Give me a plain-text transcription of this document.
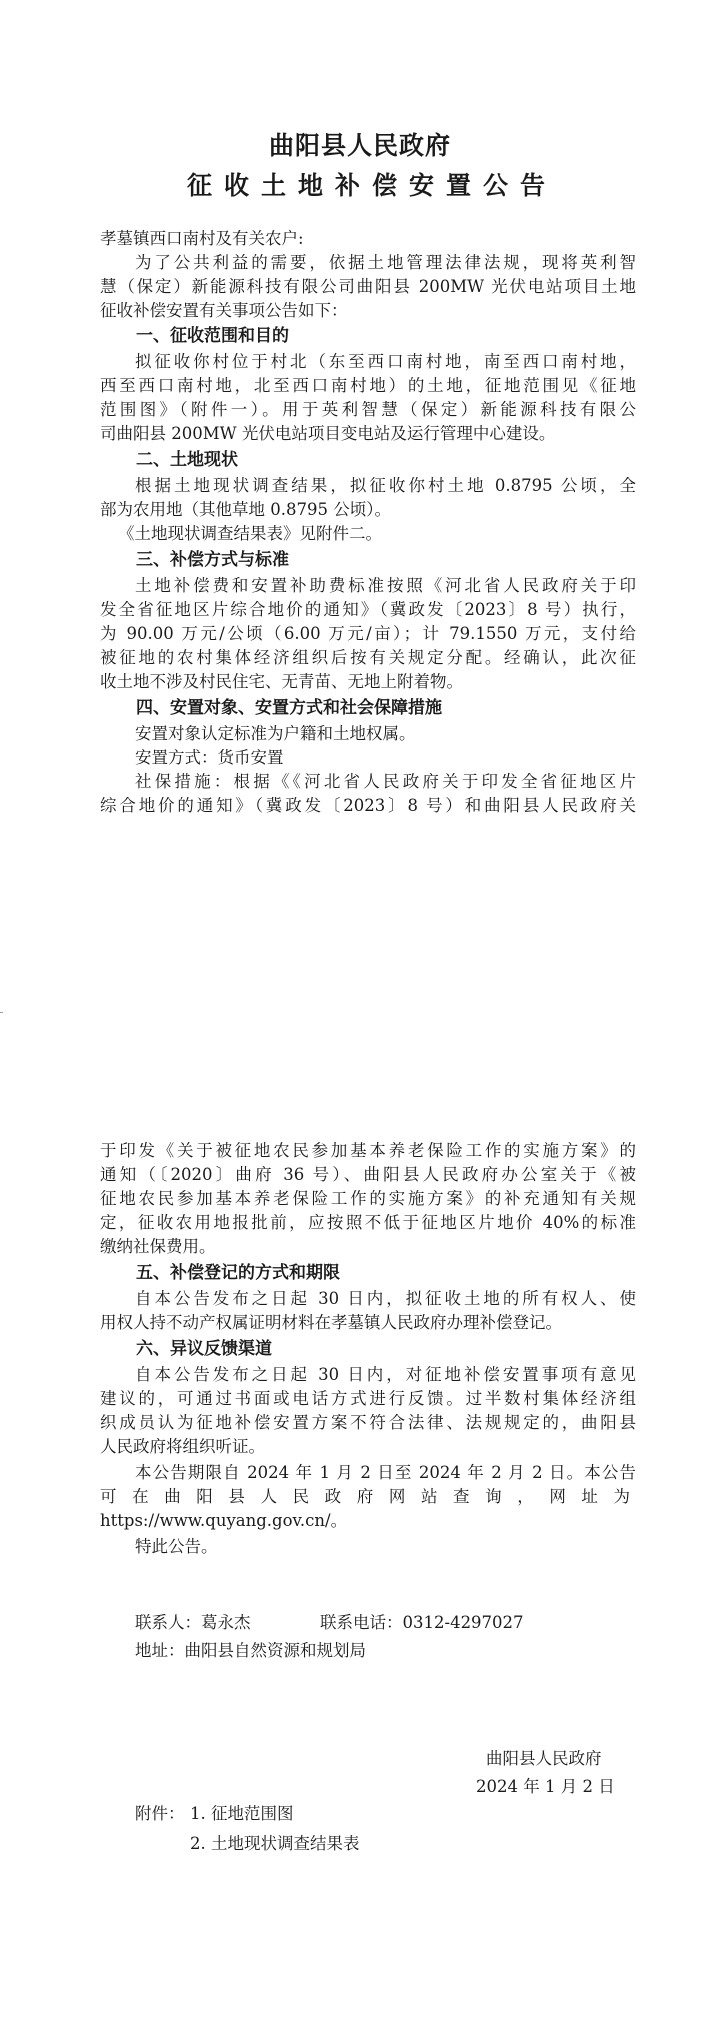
曲阳县人民政府
征收土地补偿安置公告
孝墓镇西口南村及有关农户:
为了公共利益的需要，依据土地管理法律法规，现将英利智
慧（保定）新能源科技有限公司曲阳县 200MW 光伏电站项目土地
征收补偿安置有关事项公告如下：
一、征收范围和目的
拟征收你村位于村北（东至西口南村地，南至西口南村地，
西至西口南村地，北至西口南村地）的土地，征地范围见《征地
范围图》（附件一）。用于英利智慧（保定）新能源科技有限公
司曲阳县 200MW 光伏电站项目变电站及运行管理中心建设。
二、土地现状
根据土地现状调查结果，拟征收你村土地 0.8795 公顷，全
部为农用地（其他草地 0.8795 公顷）。
《土地现状调查结果表》见附件二。
三、补偿方式与标准
土地补偿费和安置补助费标准按照《河北省人民政府关于印
发全省征地区片综合地价的通知》（冀政发〔2023〕8 号）执行，
为 90.00 万元/公顷（6.00 万元/亩）；计 79.1550 万元，支付给
被征地的农村集体经济组织后按有关规定分配。经确认，此次征
收土地不涉及村民住宅、无青苗、无地上附着物。
四、安置对象、安置方式和社会保障措施
安置对象认定标准为户籍和土地权属。
安置方式：货币安置
社保措施：根据《《河北省人民政府关于印发全省征地区片
综合地价的通知》（冀政发〔2023〕8 号）和曲阳县人民政府关
于印发《关于被征地农民参加基本养老保险工作的实施方案》的
通知（〔2020〕曲府 36 号）、曲阳县人民政府办公室关于《被
征地农民参加基本养老保险工作的实施方案》的补充通知有关规
定，征收农用地报批前，应按照不低于征地区片地价 40%的标准
缴纳社保费用。
五、补偿登记的方式和期限
自本公告发布之日起 30 日内，拟征收土地的所有权人、使
用权人持不动产权属证明材料在孝墓镇人民政府办理补偿登记。
六、异议反馈渠道
自本公告发布之日起 30 日内，对征地补偿安置事项有意见
建议的，可通过书面或电话方式进行反馈。过半数村集体经济组
织成员认为征地补偿安置方案不符合法律、法规规定的，曲阳县
人民政府将组织听证。
本公告期限自 2024 年 1 月 2 日至 2024 年 2 月 2 日。本公告
可在曲阳县人民政府网站查询，网址为
https://www.quyang.gov.cn/。
特此公告。
联系人：葛永杰	联系电话：0312-4297027
地址：曲阳县自然资源和规划局
曲阳县人民政府
2024 年 1 月 2 日
附件： 1. 征地范围图
2. 土地现状调查结果表
